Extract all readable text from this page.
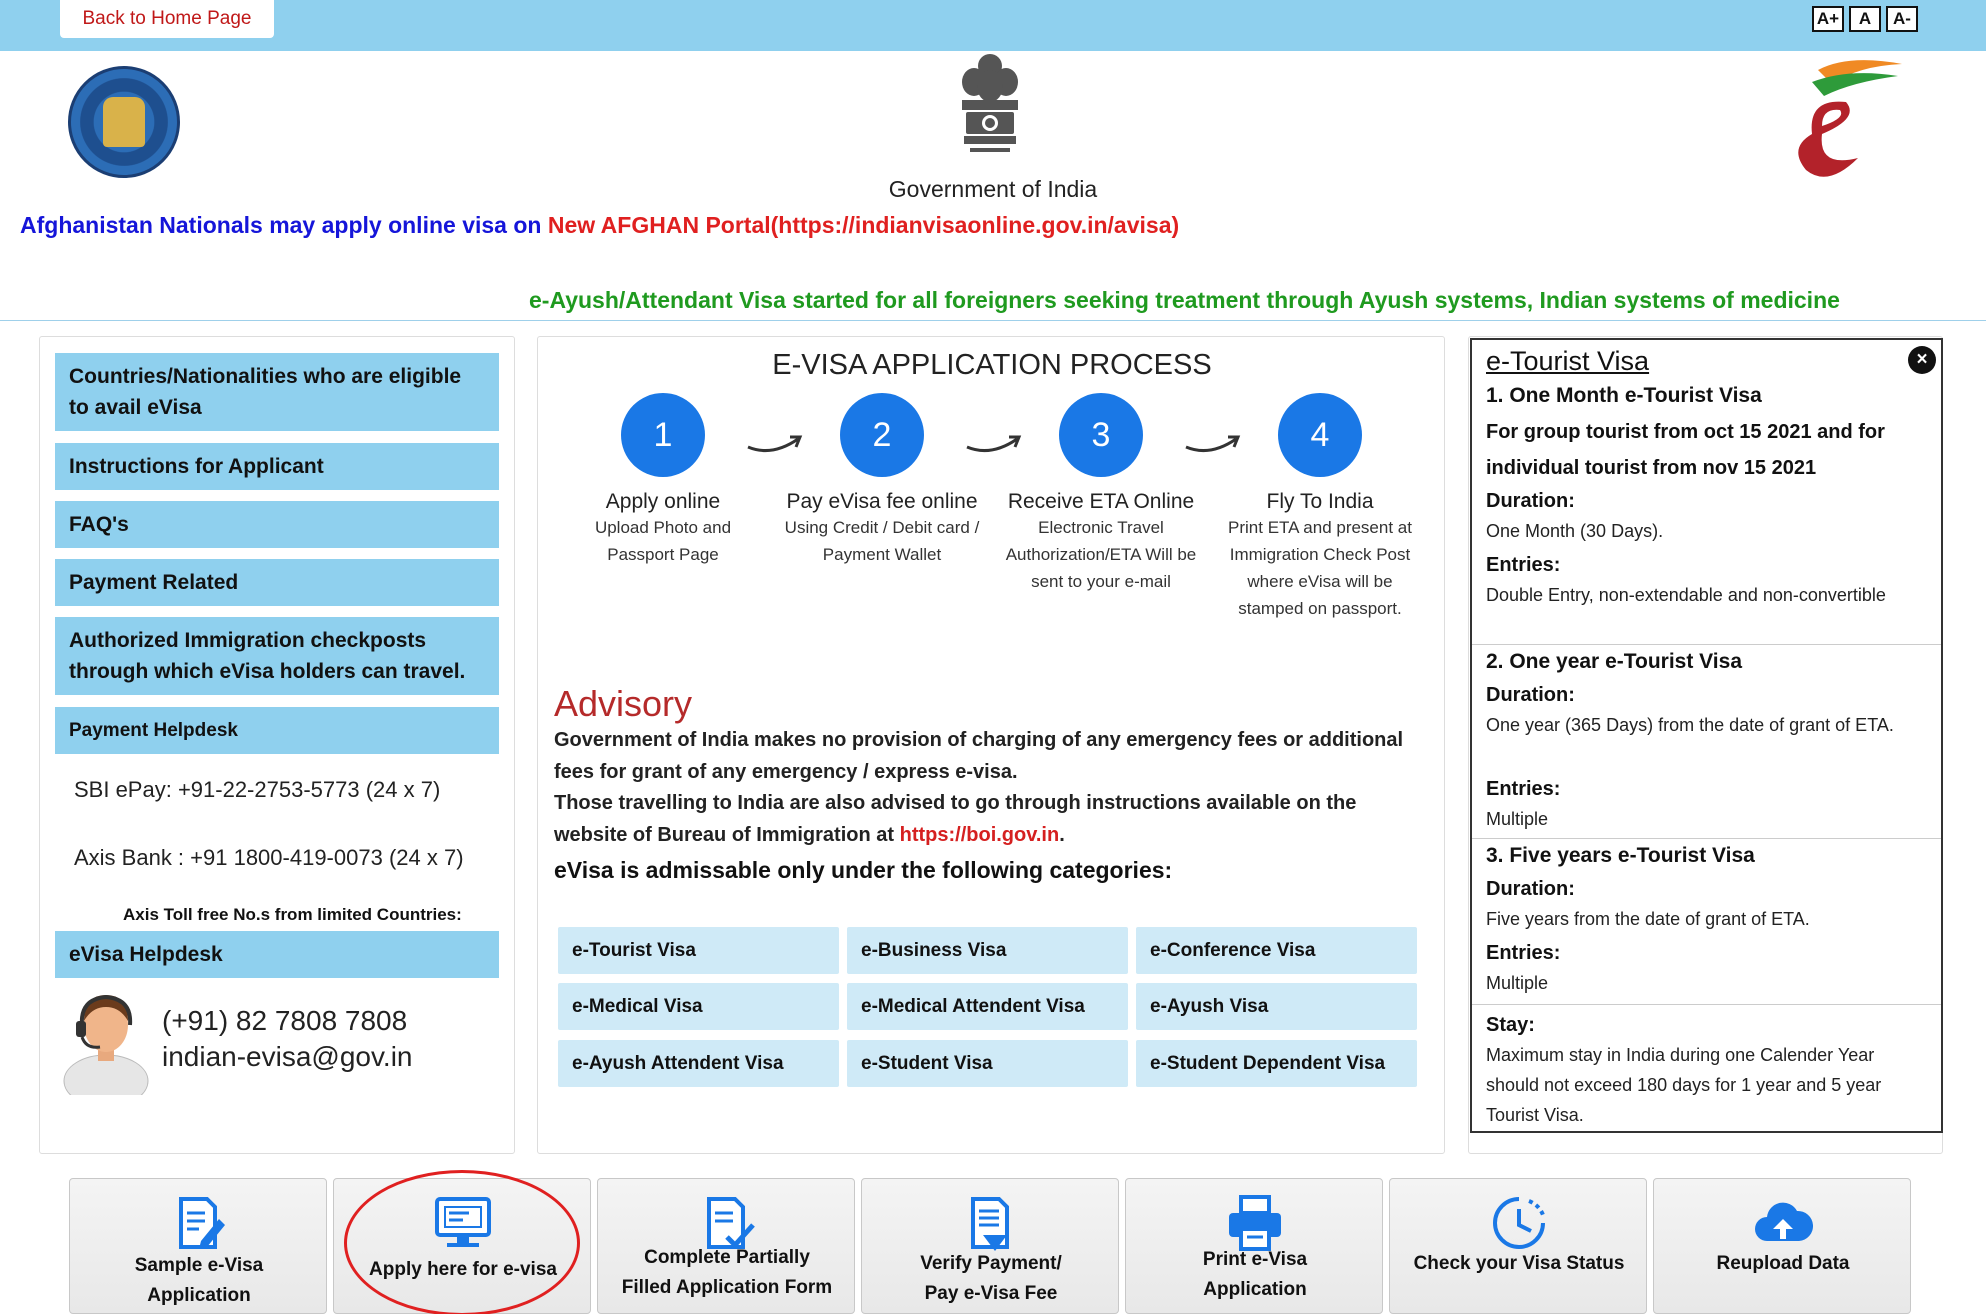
Back to Home Page	A+	A	A-
Government of India
Afghanistan Nationals may apply online visa on New AFGHAN Portal(https://indianvisaonline.gov.in/avisa)
e-Ayush/Attendant Visa started for all foreigners seeking treatment through Ayush systems, Indian systems of medicine
Countries/Nationalities who are eligible to avail eVisa
Instructions for Applicant
FAQ's
Payment Related
Authorized Immigration checkposts through which eVisa holders can travel.
Payment Helpdesk
SBI ePay: +91-22-2753-5773 (24 x 7)
Axis Bank : +91 1800-419-0073 (24 x 7)
Axis Toll free No.s from limited Countries:
eVisa Helpdesk
(+91) 82 7808 7808
indian-evisa@gov.in
E-VISA APPLICATION PROCESS
1
Apply online
Upload Photo and Passport Page
2
Pay eVisa fee online
Using Credit / Debit card / Payment Wallet
3
Receive ETA Online
Electronic Travel Authorization/ETA Will be sent to your e-mail
4
Fly To India
Print ETA and present at Immigration Check Post where eVisa will be stamped on passport.
Advisory
Government of India makes no provision of charging of any emergency fees or additional fees for grant of any emergency / express e-visa.
Those travelling to India are also advised to go through instructions available on the website of Bureau of Immigration at https://boi.gov.in.
eVisa is admissable only under the following categories:
e-Tourist Visa	e-Business Visa	e-Conference Visa
e-Medical Visa	e-Medical Attendent Visa	e-Ayush Visa
e-Ayush Attendent Visa	e-Student Visa	e-Student Dependent Visa
e-Tourist Visa	×
1. One Month e-Tourist Visa
For group tourist from oct 15 2021 and for individual tourist from nov 15 2021
Duration:
One Month (30 Days).
Entries:
Double Entry, non-extendable and non-convertible
2. One year e-Tourist Visa
Duration:
One year (365 Days) from the date of grant of ETA.
Entries:
Multiple
3. Five years e-Tourist Visa
Duration:
Five years from the date of grant of ETA.
Entries:
Multiple
Stay:
Maximum stay in India during one Calender Year should not exceed 180 days for 1 year and 5 year Tourist Visa.
Sample e-Visa
Application
Apply here for e-visa
Complete Partially
Filled Application Form
Verify Payment/
Pay e-Visa Fee
Print e-Visa
Application
Check your Visa Status	Reupload Data
